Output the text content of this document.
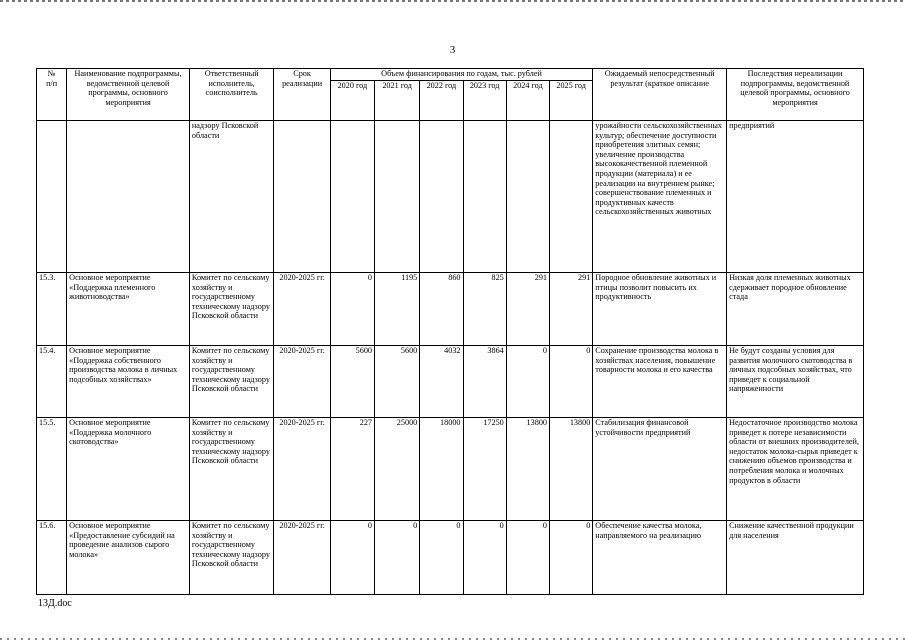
3
№
п/п	Наименование подпрограммы, ведомственной целевой программы, основного мероприятия	Ответственный исполнитель, соисполнитель	Срок реализации	Объем финансирования по годам, тыс. рублей						Ожидаемый непосредственный результат (краткое описание	Последствия нереализации подпрограммы, ведомственной целевой программы, основного мероприятия
				2020 год	2021 год	2022 год	2023 год	2024 год	2025 год		
		надзору Псковской области								урожайности сельскохозяйственных культур; обеспечение доступности приобретения элитных семян; увеличение производства высококачественной племенной продукции (материала) и ее реализации на внутреннем рынке; совершенствование племенных и продуктивных качеств сельскохозяйственных животных	предприятий
15.3.	Основное мероприятие «Поддержка племенного животноводства»	Комитет по сельскому хозяйству и государственному техническому надзору Псковской области	2020-2025 гг.	0	1195	860	825	291	291	Породное обновление животных и птицы позволит повысить их продуктивность	Низкая доля племенных животных сдерживает породное обновление стада
15.4.	Основное мероприятие «Поддержка собственного производства молока в личных подсобных хозяйствах»	Комитет по сельскому хозяйству и государственному техническому надзору Псковской области	2020-2025 гг.	5600	5600	4032	3864	0	0	Сохранение производства молока в хозяйствах населения, повышение товарности молока и его качества	Не будут созданы условия для развития молочного скотоводства в личных подсобных хозяйствах, что приведет к социальной напряженности
15.5.	Основное мероприятие «Поддержка молочного скотоводства»	Комитет по сельскому хозяйству и государственному техническому надзору Псковской области	2020-2025 гг.	227	25000	18000	17250	13800	13800	Стабилизация финансовой устойчивости предприятий	Недостаточное производство молока приведет к потере независимости области от внешних производителей, недостаток молока-сырья приведет к снижению объемов производства и потребления молока и молочных продуктов в области
15.6.	Основное мероприятие «Предоставление субсидий на проведение анализов сырого молока»	Комитет по сельскому хозяйству и государственному техническому надзору Псковской области	2020-2025 гг.	0	0	0	0	0	0	Обеспечение качества молока, направляемого на реализацию	Снижение качественной продукции для населения
13Д.doc
